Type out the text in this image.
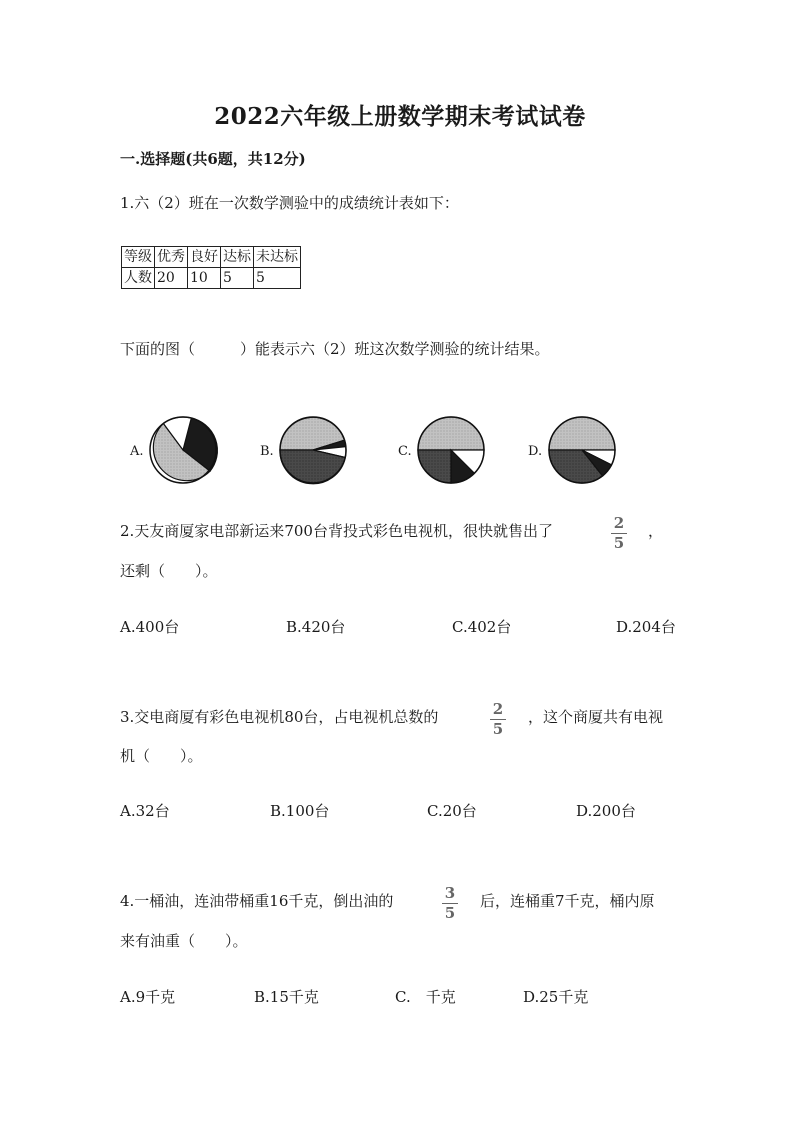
2022六年级上册数学期末考试试卷
一.选择题(共6题，共12分)
1.六（2）班在一次数学测验中的成绩统计表如下：
等级	优秀	良好	达标	未达标
人数	20	10	5	5
下面的图（　　　）能表示六（2）班这次数学测验的统计结果。
A.	B.	C.	D.
2.天友商厦家电部新运来700台背投式彩色电视机，很快就售出了	2
5
，
还剩（　　）。
A.400台	B.420台	C.402台	D.204台
3.交电商厦有彩色电视机80台，占电视机总数的	2
5
，这个商厦共有电视
机（　　）。
A.32台	B.100台	C.20台	D.200台
4.一桶油，连油带桶重16千克，倒出油的	3
5
后，连桶重7千克，桶内原
来有油重（　　）。
A.9千克	B.15千克	C.　千克	D.25千克
